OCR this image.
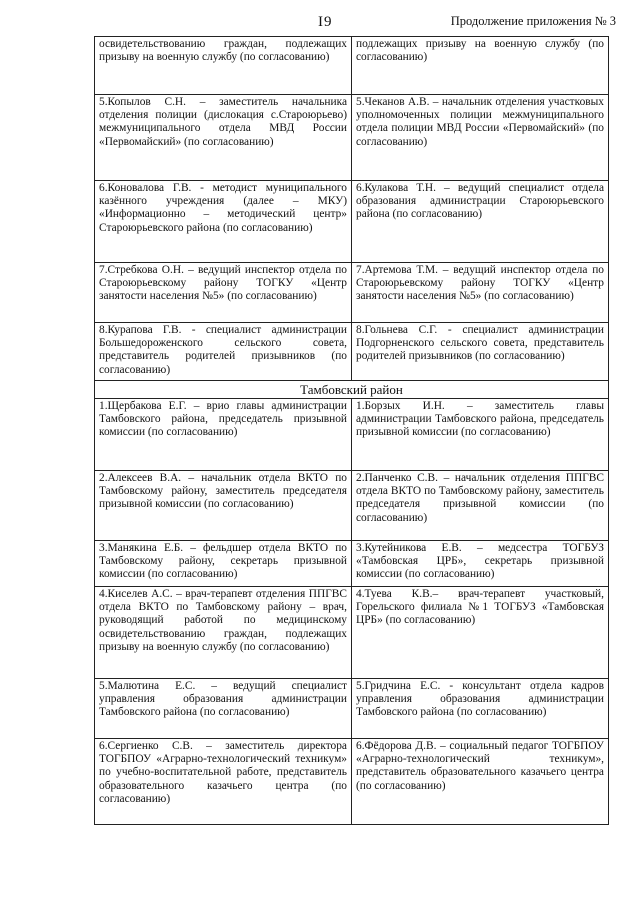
I9	Продолжение приложения № 3
освидетельствованию граждан, подлежащих призыву на военную службу (по согласованию)	подлежащих призыву на военную службу (по согласованию)
5.Копылов С.Н. – заместитель начальника отделения полиции (дислокация с.Староюрьево) межмуниципального отдела МВД России «Первомайский» (по согласованию)	5.Чеканов А.В. – начальник отделения участковых уполномоченных полиции межмуниципального отдела полиции МВД России «Первомайский» (по согласованию)
6.Коновалова Г.В. - методист муниципального казённого учреждения (далее – МКУ) «Информационно – методический центр» Староюрьевского района (по согласованию)	6.Кулакова Т.Н. – ведущий специалист отдела образования администрации Староюрьевского района (по согласованию)
7.Стребкова О.Н. – ведущий инспектор отдела по Староюрьевскому району ТОГКУ «Центр занятости населения №5» (по согласованию)	7.Артемова Т.М. – ведущий инспектор отдела по Староюрьевскому району ТОГКУ «Центр занятости населения №5» (по согласованию)
8.Курапова Г.В. - специалист администрации Большедороженского сельского совета, представитель родителей призывников (по согласованию)	8.Гольнева С.Г. - специалист администрации Подгорненского сельского совета, представитель родителей призывников (по согласованию)
Тамбовский район	
1.Щербакова Е.Г. – врио главы администрации Тамбовского района, председатель призывной комиссии (по согласованию)	1.Борзых И.Н. – заместитель главы администрации Тамбовского района, председатель призывной комиссии (по согласованию)
2.Алексеев В.А. – начальник отдела ВКТО по Тамбовскому району, заместитель председателя призывной комиссии (по согласованию)	2.Панченко С.В. – начальник отделения ППГВС отдела ВКТО по Тамбовскому району, заместитель председателя призывной комиссии (по согласованию)
3.Манякина Е.Б. – фельдшер отдела ВКТО по Тамбовскому району, секретарь призывной комиссии (по согласованию)	3.Кутейникова Е.В. – медсестра ТОГБУЗ «Тамбовская ЦРБ», секретарь призывной комиссии (по согласованию)
4.Киселев А.С. – врач-терапевт отделения ППГВС отдела ВКТО по Тамбовскому району – врач, руководящий работой по медицинскому освидетельствованию граждан, подлежащих призыву на военную службу (по согласованию)	4.Туева К.В.– врач-терапевт участковый, Горельского филиала №1 ТОГБУЗ «Тамбовская ЦРБ» (по согласованию)
5.Малютина Е.С. – ведущий специалист управления образования администрации Тамбовского района (по согласованию)	5.Гридчина Е.С. - консультант отдела кадров управления образования администрации Тамбовского района (по согласованию)
6.Сергиенко С.В. – заместитель директора ТОГБПОУ «Аграрно-технологический техникум» по учебно-воспитательной работе, представитель образовательного казачьего центра (по согласованию)	6.Фёдорова Д.В. – социальный педагог ТОГБПОУ «Аграрно-технологический техникум», представитель образовательного казачьего центра (по согласованию)
